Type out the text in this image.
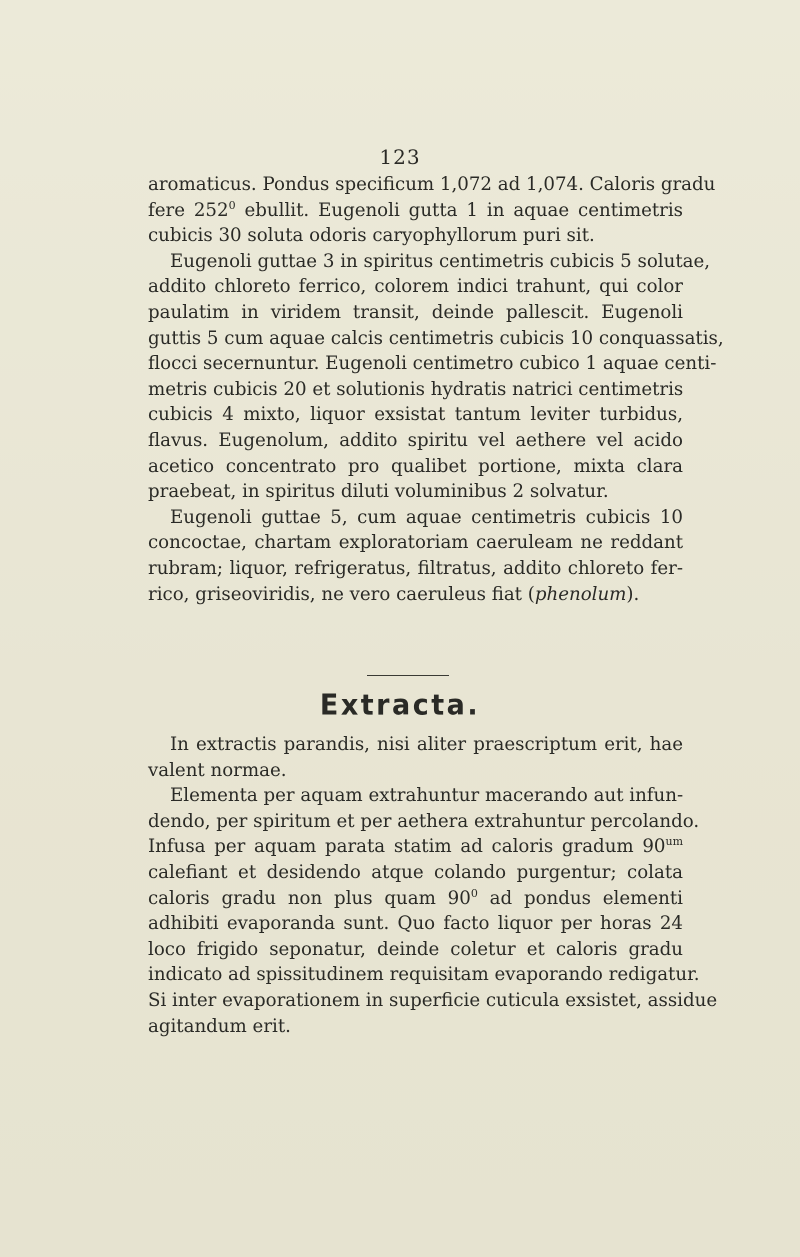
123
aromaticus. Pondus specificum 1,072 ad 1,074. Caloris gradu
fere $252^0$ ebullit. Eugenoli gutta 1 in aquae centimetris
cubicis 30 soluta odoris caryophyllorum puri sit.
Eugenoli guttae 3 in spiritus centimetris cubicis 5 solutae,
addito chloreto ferrico, colorem indici trahunt, qui color
paulatim in viridem transit, deinde pallescit. Eugenoli
guttis 5 cum aquae calcis centimetris cubicis 10 conquassatis,
flocci secernuntur. Eugenoli centimetro cubico 1 aquae centi-
metris cubicis 20 et solutionis hydratis natrici centimetris
cubicis 4 mixto, liquor exsistat tantum leviter turbidus,
flavus. Eugenolum, addito spiritu vel aethere vel acido
acetico concentrato pro qualibet portione, mixta clara
praebeat, in spiritus diluti voluminibus 2 solvatur.
Eugenoli guttae 5, cum aquae centimetris cubicis 10
concoctae, chartam exploratoriam caeruleam ne reddant
rubram; liquor, refrigeratus, filtratus, addito chloreto fer-
rico, griseoviridis, ne vero caeruleus fiat (phenolum).
Extracta.
In extractis parandis, nisi aliter praescriptum erit, hae
valent normae.
Elementa per aquam extrahuntur macerando aut infun-
dendo, per spiritum et per aethera extrahuntur percolando.
Infusa per aquam parata statim ad caloris gradum $90^{um}$
calefiant et desidendo atque colando purgentur; colata
caloris gradu non plus quam $90^0$ ad pondus elementi
adhibiti evaporanda sunt. Quo facto liquor per horas 24
loco frigido seponatur, deinde coletur et caloris gradu
indicato ad spissitudinem requisitam evaporando redigatur.
Si inter evaporationem in superficie cuticula exsistet, assidue
agitandum erit.
